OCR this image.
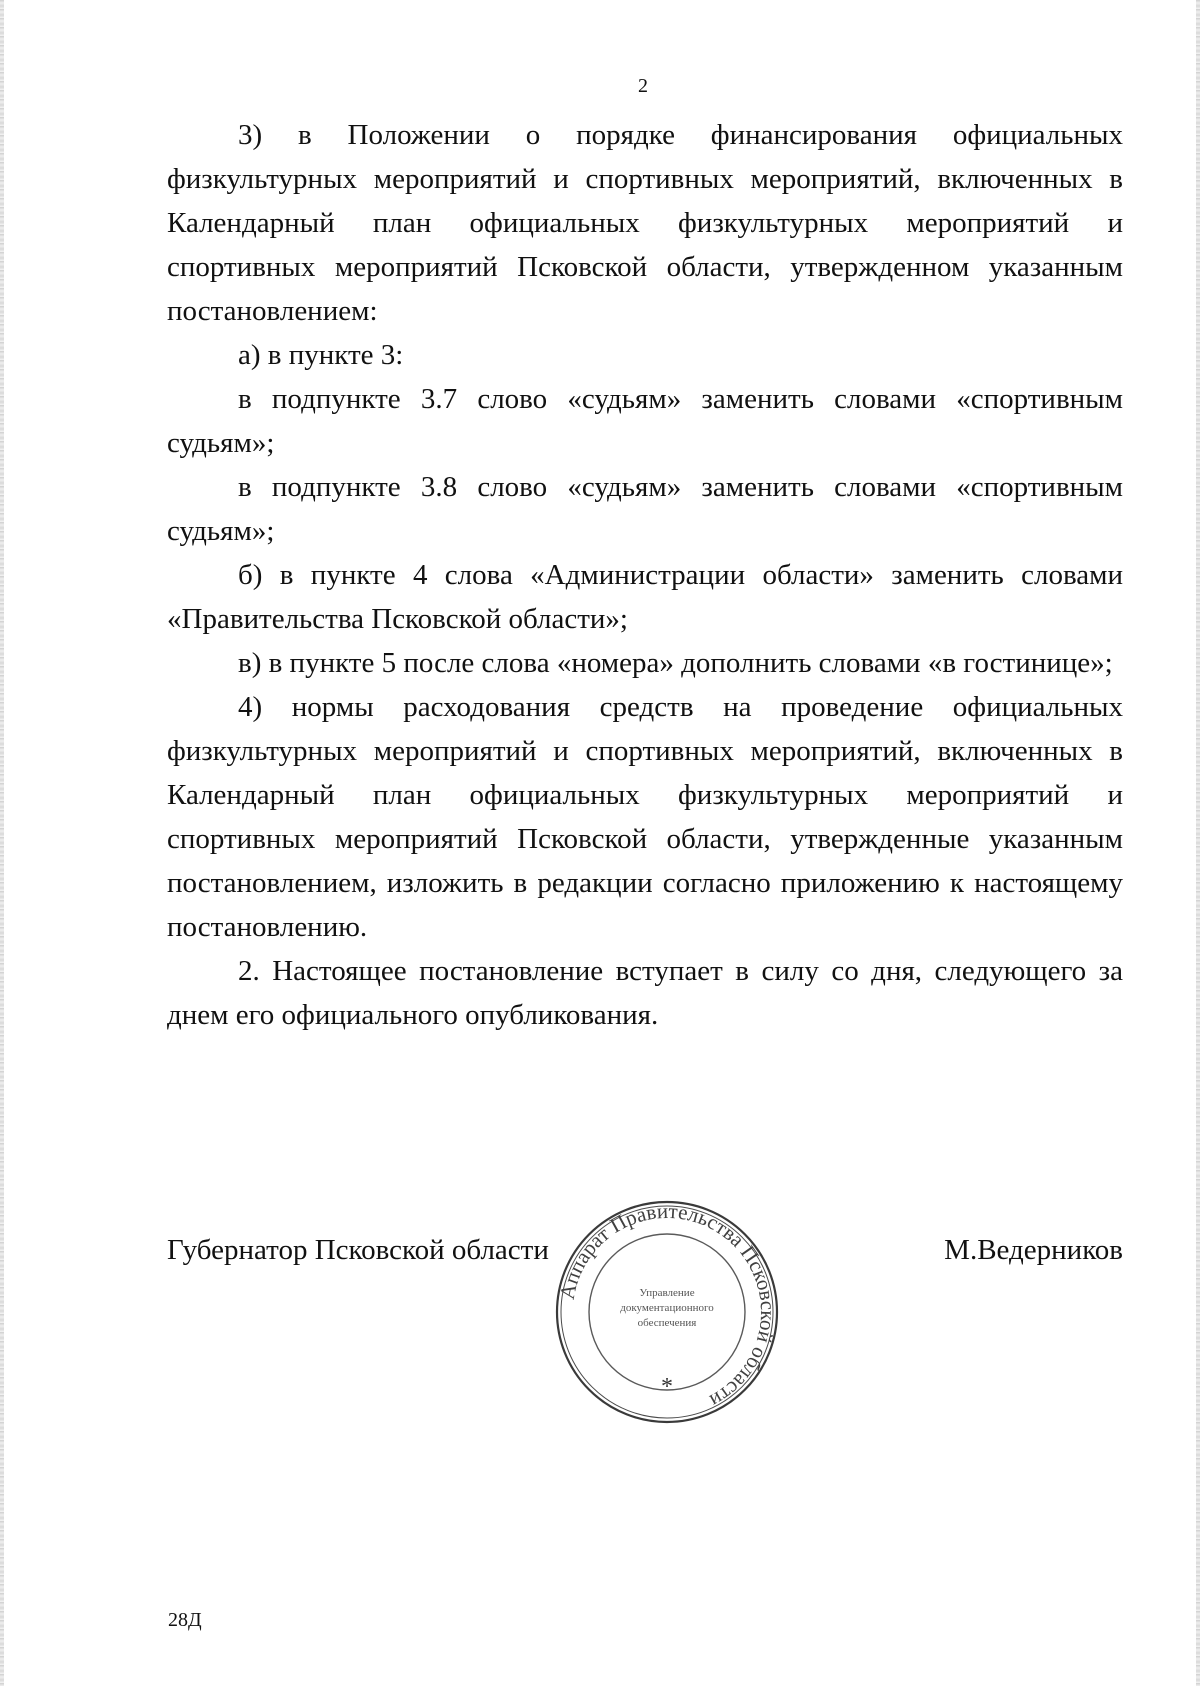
2

3) в Положении о порядке финансирования официальных физкультурных мероприятий и спортивных мероприятий, включенных в Календарный план официальных физкультурных мероприятий и спортивных мероприятий Псковской области, утвержденном указанным постановлением:

а) в пункте 3:

в подпункте 3.7 слово «судьям» заменить словами «спортивным судьям»;

в подпункте 3.8 слово «судьям» заменить словами «спортивным судьям»;

б) в пункте 4 слова «Администрации области» заменить словами «Правительства Псковской области»;

в) в пункте 5 после слова «номера» дополнить словами «в гостинице»;

4) нормы расходования средств на проведение официальных физкультурных мероприятий и спортивных мероприятий, включенных в Календарный план официальных физкультурных мероприятий и спортивных мероприятий Псковской области, утвержденные указанным постановлением, изложить в редакции согласно приложению к настоящему постановлению.

2. Настоящее постановление вступает в силу со дня, следующего за днем его официального опубликования.

Губернатор Псковской области	М.Ведерников
Аппарат Правительства Псковской области
*
Управление
документационного
обеспечения
28Д
